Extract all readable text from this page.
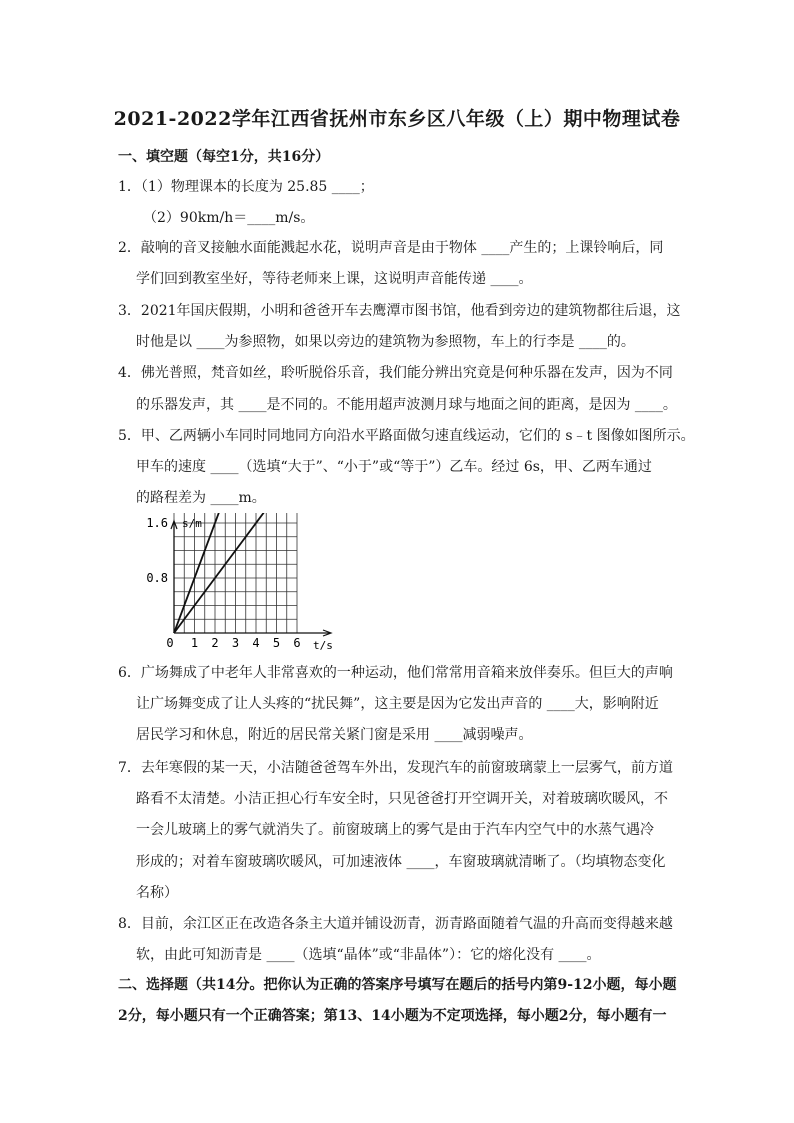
2021-2022学年江西省抚州市东乡区八年级（上）期中物理试卷
一、填空题（每空1分，共16分）
1．（1）物理课本的长度为 25.85 ____；
（2）90km/h＝____m/s。
2．敲响的音叉接触水面能溅起水花，说明声音是由于物体 ____产生的；上课铃响后，同
学们回到教室坐好，等待老师来上课，这说明声音能传递 ____。
3．2021年国庆假期，小明和爸爸开车去鹰潭市图书馆，他看到旁边的建筑物都往后退，这
时他是以 ____为参照物，如果以旁边的建筑物为参照物，车上的行李是 ____的。
4．佛光普照，梵音如丝，聆听脱俗乐音，我们能分辨出究竟是何种乐器在发声，因为不同
的乐器发声，其 ____是不同的。不能用超声波测月球与地面之间的距离，是因为 ____。
5．甲、乙两辆小车同时同地同方向沿水平路面做匀速直线运动，它们的 s﹣t 图像如图所示。
甲车的速度 ____（选填“大于”、“小于”或“等于”）乙车。经过 6s，甲、乙两车通过
的路程差为 ____m。
s/m
t/s
0
0.8
1.6
1 2 3 4 5 6
6．广场舞成了中老年人非常喜欢的一种运动，他们常常用音箱来放伴奏乐。但巨大的声响
让广场舞变成了让人头疼的“扰民舞”，这主要是因为它发出声音的 ____大，影响附近
居民学习和休息，附近的居民常关紧门窗是采用 ____减弱噪声。
7．去年寒假的某一天，小洁随爸爸驾车外出，发现汽车的前窗玻璃蒙上一层雾气，前方道
路看不太清楚。小洁正担心行车安全时，只见爸爸打开空调开关，对着玻璃吹暖风，不
一会儿玻璃上的雾气就消失了。前窗玻璃上的雾气是由于汽车内空气中的水蒸气遇冷
形成的；对着车窗玻璃吹暖风，可加速液体 ____，车窗玻璃就清晰了。（均填物态变化
名称）
8．目前，余江区正在改造各条主大道并铺设沥青，沥青路面随着气温的升高而变得越来越
软，由此可知沥青是 ____（选填“晶体”或“非晶体”）：它的熔化没有 ____。
二、选择题（共14分。把你认为正确的答案序号填写在题后的括号内第9-12小题，每小题2分，每小题只有一个正确答案；第13、14小题为不定项选择，每小题2分，每小题有一
